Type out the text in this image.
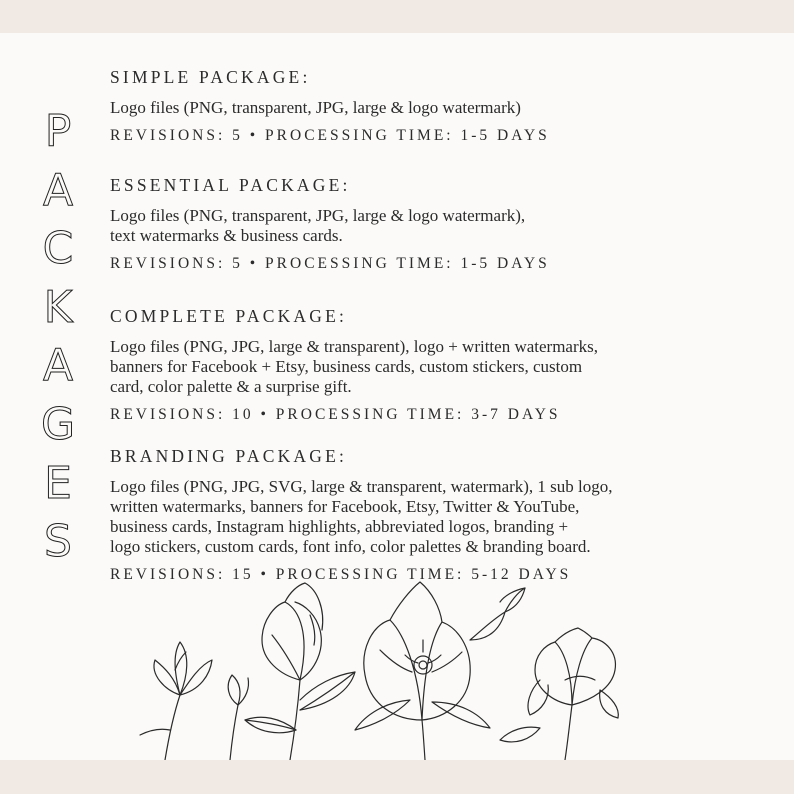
P
A
C
K
A
G
E
S
SIMPLE PACKAGE:

Logo files (PNG, transparent, JPG, large & logo watermark)

REVISIONS: 5 • PROCESSING TIME: 1-5 DAYS

ESSENTIAL PACKAGE:

Logo files (PNG, transparent, JPG, large & logo watermark),
text watermarks & business cards.

REVISIONS: 5 • PROCESSING TIME: 1-5 DAYS

COMPLETE PACKAGE:

Logo files (PNG, JPG, large & transparent), logo + written watermarks,
banners for Facebook + Etsy, business cards, custom stickers, custom
card, color palette & a surprise gift.

REVISIONS: 10 • PROCESSING TIME: 3-7 DAYS

BRANDING PACKAGE:

Logo files (PNG, JPG, SVG, large & transparent, watermark), 1 sub logo,
written watermarks, banners for Facebook, Etsy, Twitter & YouTube,
business cards, Instagram highlights, abbreviated logos, branding +
logo stickers, custom cards, font info, color palettes & branding board.

REVISIONS: 15 • PROCESSING TIME: 5-12 DAYS
